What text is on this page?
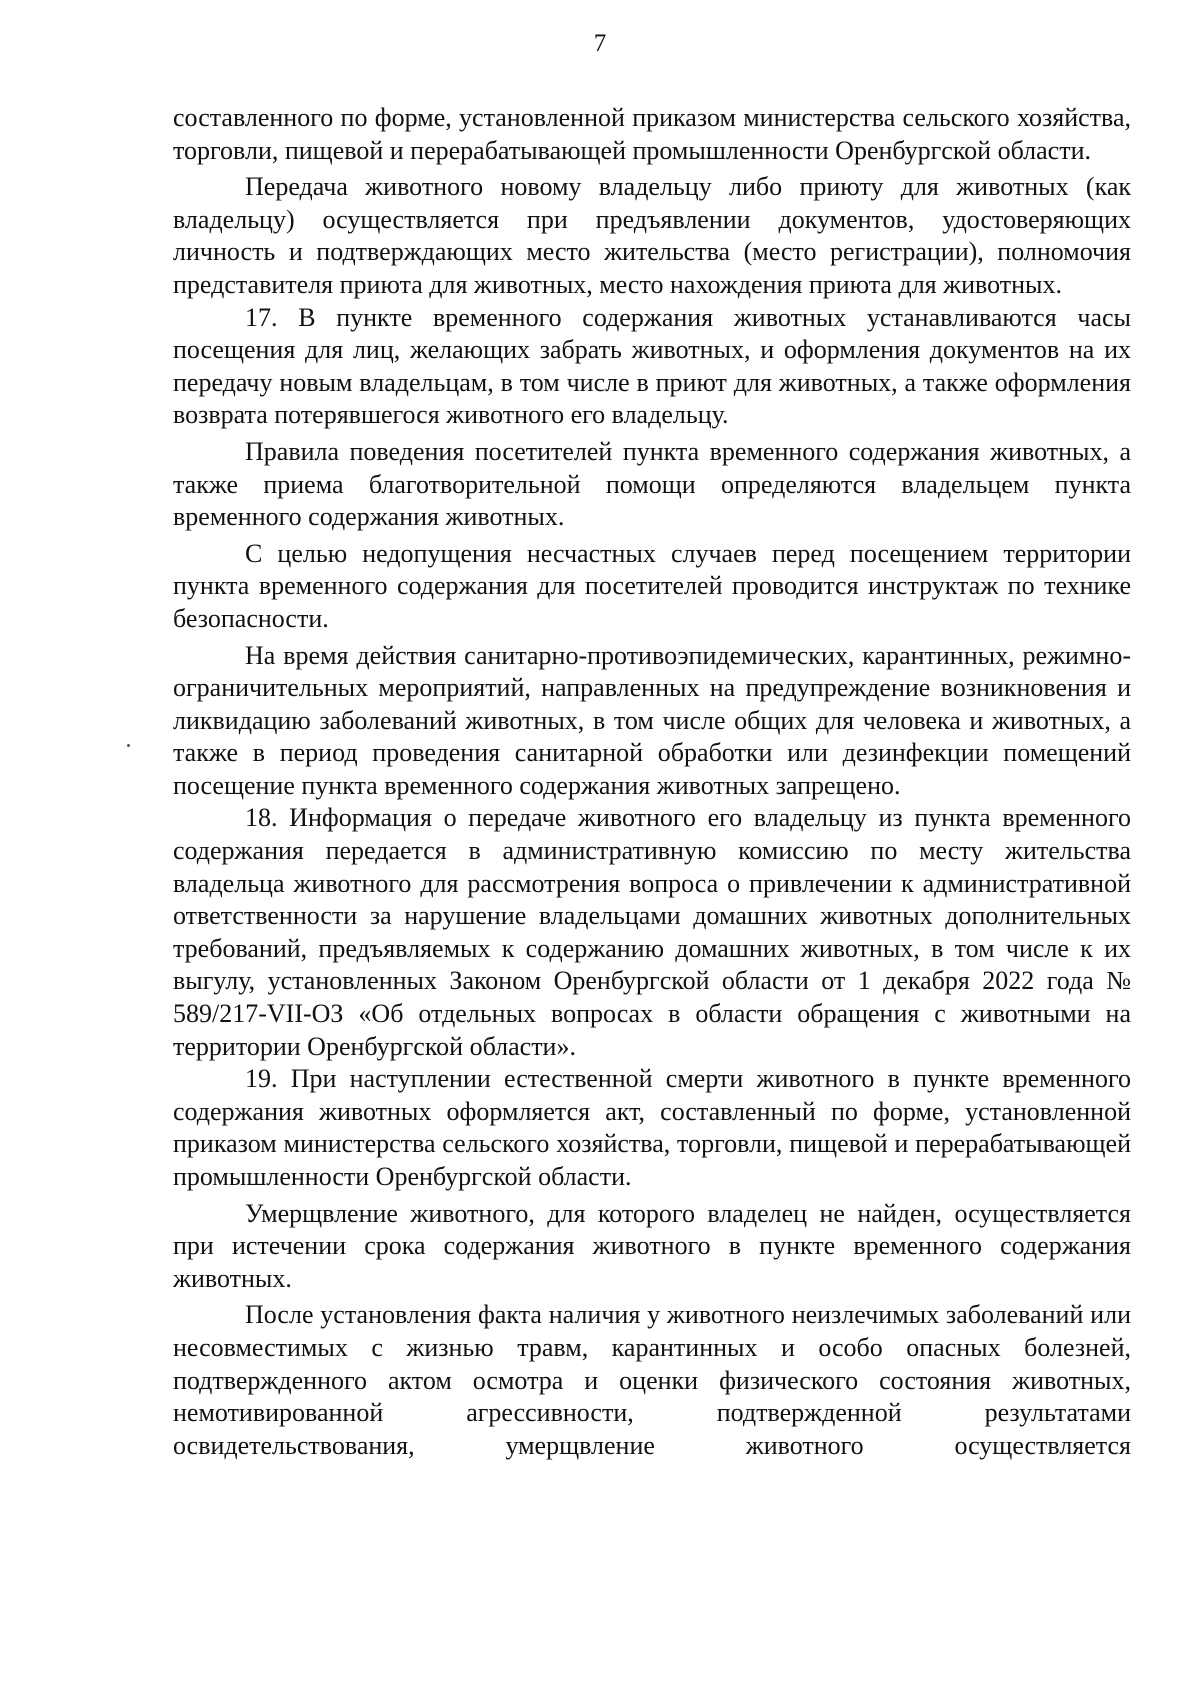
7

составленного по форме, установленной приказом министерства сельского хозяйства, торговли, пищевой и перерабатывающей промышленности Оренбургской области.

Передача животного новому владельцу либо приюту для животных (как владельцу) осуществляется при предъявлении документов, удостоверяющих личность и подтверждающих место жительства (место регистрации), полномочия представителя приюта для животных, место нахождения приюта для животных.

17. В пункте временного содержания животных устанавливаются часы посещения для лиц, желающих забрать животных, и оформления документов на их передачу новым владельцам, в том числе в приют для животных, а также оформления возврата потерявшегося животного его владельцу.

Правила поведения посетителей пункта временного содержания животных, а также приема благотворительной помощи определяются владельцем пункта временного содержания животных.

С целью недопущения несчастных случаев перед посещением территории пункта временного содержания для посетителей проводится инструктаж по технике безопасности.

На время действия санитарно-противоэпидемических, карантинных, режимно-ограничительных мероприятий, направленных на предупреждение возникновения и ликвидацию заболеваний животных, в том числе общих для человека и животных, а также в период проведения санитарной обработки или дезинфекции помещений посещение пункта временного содержания животных запрещено.

18. Информация о передаче животного его владельцу из пункта временного содержания передается в административную комиссию по месту жительства владельца животного для рассмотрения вопроса о привлечении к административной ответственности за нарушение владельцами домашних животных дополнительных требований, предъявляемых к содержанию домашних животных, в том числе к их выгулу, установленных Законом Оренбургской области от 1 декабря 2022 года № 589/217-VII-ОЗ «Об отдельных вопросах в области обращения с животными на территории Оренбургской области».

19. При наступлении естественной смерти животного в пункте временного содержания животных оформляется акт, составленный по форме, установленной приказом министерства сельского хозяйства, торговли, пищевой и перерабатывающей промышленности Оренбургской области.

Умерщвление животного, для которого владелец не найден, осуществляется при истечении срока содержания животного в пункте временного содержания животных.

После установления факта наличия у животного неизлечимых заболеваний или несовместимых с жизнью травм, карантинных и особо опасных болезней, подтвержденного актом осмотра и оценки физического состояния животных, немотивированной агрессивности, подтвержденной результатами освидетельствования, умерщвление животного осуществляется
